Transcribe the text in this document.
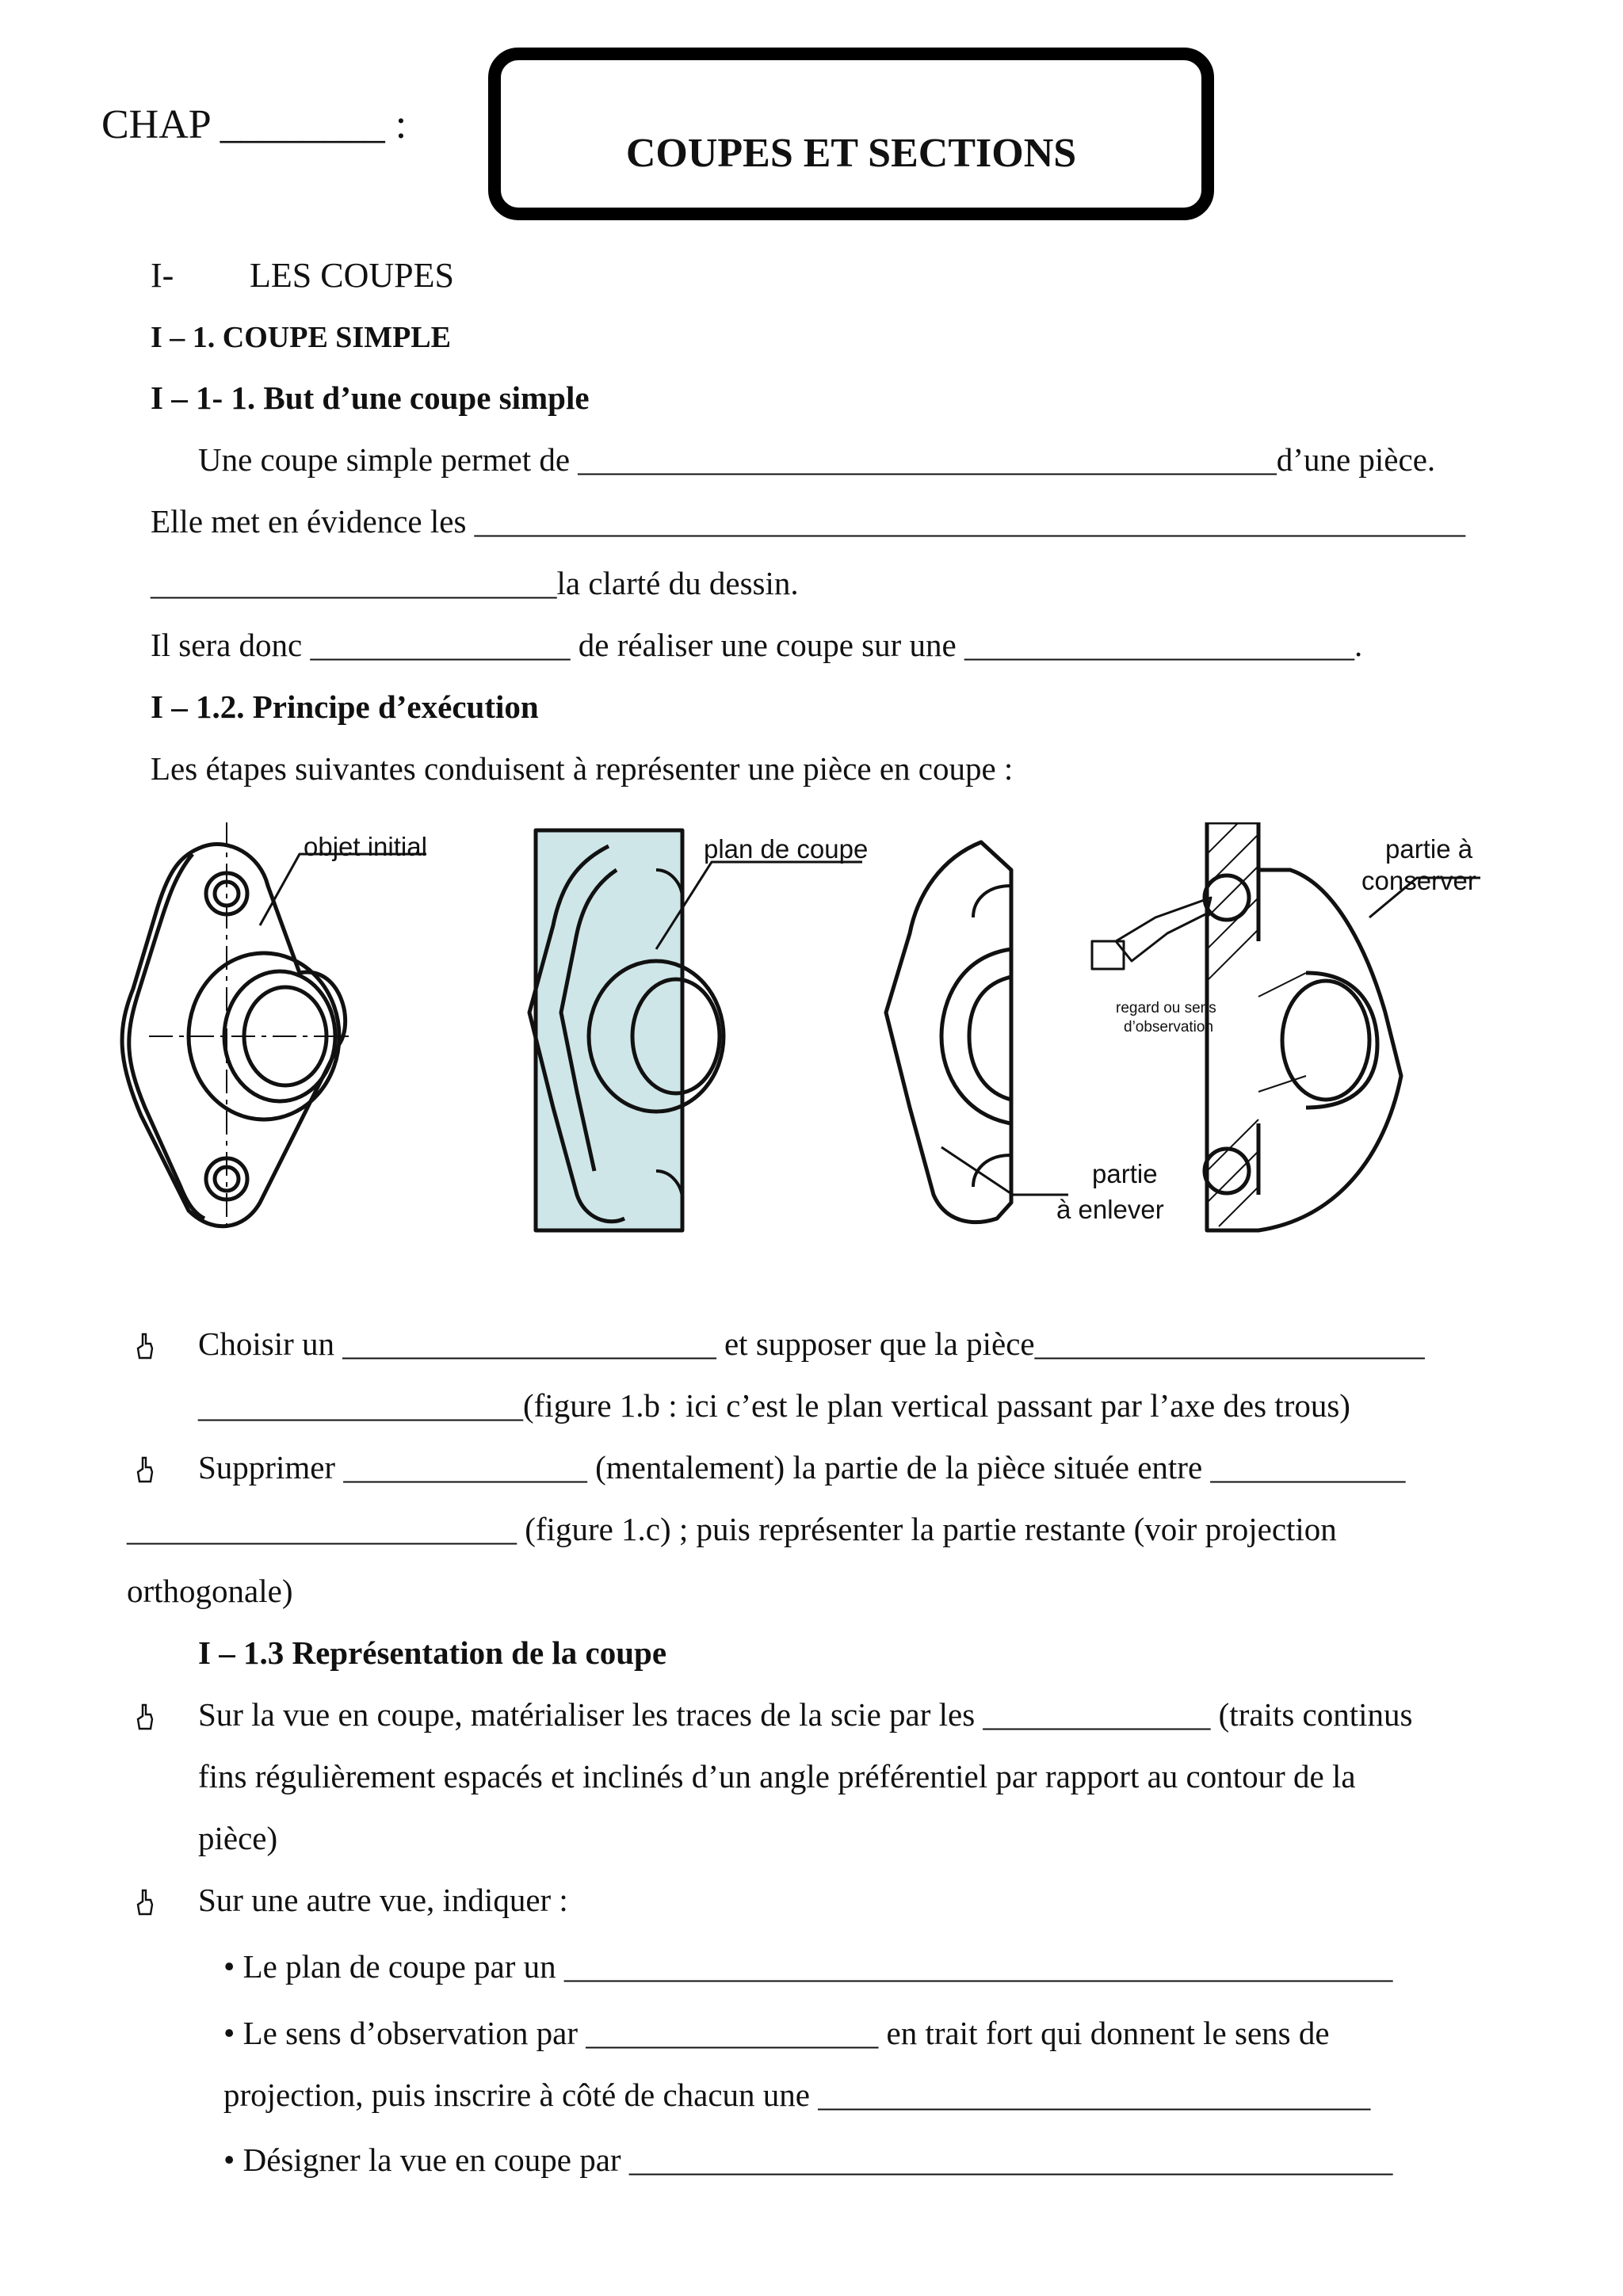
CHAP ________ :
COUPES ET SECTIONS
I- LES COUPES
I – 1. COUPE SIMPLE
I – 1- 1. But d’une coupe simple
Une coupe simple permet de ___________________________________________d’une pièce.
Elle met en évidence les _____________________________________________________________
_________________________la clarté du dessin.
Il sera donc ________________ de réaliser une coupe sur une ________________________.
I – 1.2. Principe d’exécution
Les étapes suivantes conduisent à représenter une pièce en coupe :
objet initial	plan de coupe	partie à
conserver
regard ou sens
d’observation
partie
à enlever
Choisir un _______________________ et supposer que la pièce________________________
____________________(figure 1.b : ici c’est le plan vertical passant par l’axe des trous)
Supprimer _______________ (mentalement) la partie de la pièce située entre ____________
________________________ (figure 1.c) ; puis représenter la partie restante (voir projection
orthogonale)
I – 1.3 Représentation de la coupe
Sur la vue en coupe, matérialiser les traces de la scie par les ______________ (traits continus
fins régulièrement espacés et inclinés d’un angle préférentiel par rapport au contour de la
pièce)
Sur une autre vue, indiquer :
• Le plan de coupe par un ___________________________________________________
• Le sens d’observation par __________________ en trait fort qui donnent le sens de
projection, puis inscrire à côté de chacun une __________________________________
• Désigner la vue en coupe par _______________________________________________
